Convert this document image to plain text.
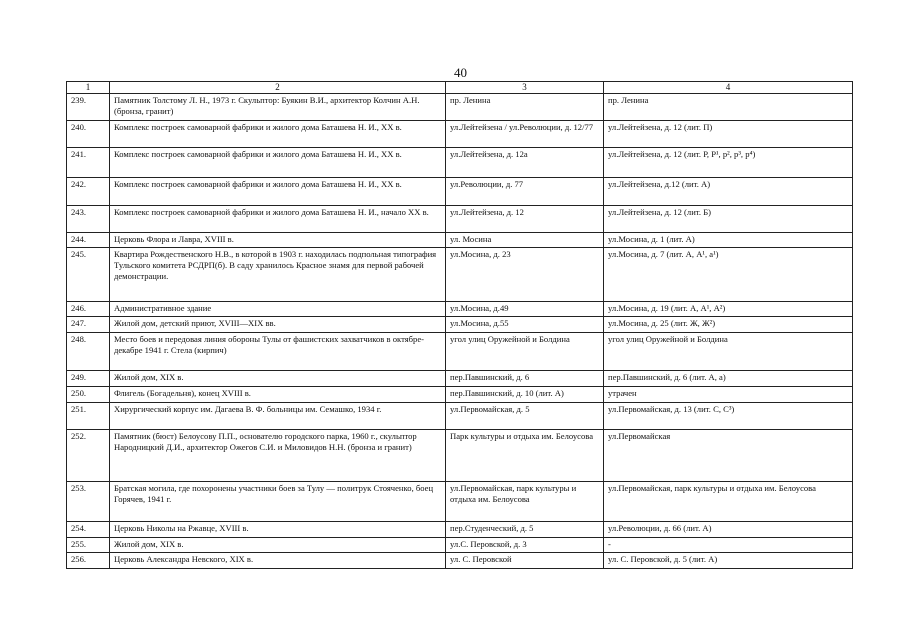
40
1	2	3	4
239.	Памятник Толстому Л. Н., 1973 г. Скульптор: Буякин В.И., архитектор Колчин А.Н. (бронза, гранит)	пр. Ленина	пр. Ленина
240.	Комплекс построек самоварной фабрики и жилого дома Баташева Н. И., ХХ в.	ул.Лейтейзена / ул.Революции, д. 12/77	ул.Лейтейзена, д. 12 (лит. П)
241.	Комплекс построек самоварной фабрики и жилого дома Баташева Н. И., ХХ в.	ул.Лейтейзена, д. 12а	ул.Лейтейзена, д. 12 (лит. Р, Р¹, р², р³, р⁴)
242.	Комплекс построек самоварной фабрики и жилого дома Баташева Н. И., ХХ в.	ул.Революции, д. 77	ул.Лейтейзена, д.12 (лит. А)
243.	Комплекс построек самоварной фабрики и жилого дома Баташева Н. И., начало ХХ в.	ул.Лейтейзена, д. 12	ул.Лейтейзена, д. 12 (лит. Б)
244.	Церковь Флора и Лавра, XVIII в.	ул. Мосина	ул.Мосина, д. 1 (лит. А)
245.	Квартира Рождественского Н.В., в которой в 1903 г. находилась подпольная типография Тульского комитета РСДРП(б). В саду хранилось Красное знамя для первой рабочей демонстрации.	ул.Мосина, д. 23	ул.Мосина, д. 7 (лит. А, А¹, а¹)
246.	Административное здание	ул.Мосина, д.49	ул.Мосина, д. 19 (лит. А, А¹, А²)
247.	Жилой дом, детский приют, XVIII—XIX вв.	ул.Мосина, д.55	ул.Мосина, д. 25 (лит. Ж, Ж²)
248.	Место боев и передовая линия обороны Тулы от фашистских захватчиков в октябре-декабре 1941 г. Стела (кирпич)	угол улиц Оружейной и Болдина	угол улиц Оружейной и Болдина
249.	Жилой дом, XIX в.	пер.Павшинский, д. 6	пер.Павшинский, д. 6 (лит. А, а)
250.	Флигель (Богадельня), конец XVIII в.	пер.Павшинский, д. 10 (лит. А)	утрачен
251.	Хирургический корпус им. Дагаева В. Ф. больницы им. Семашко, 1934 г.	ул.Первомайская, д. 5	ул.Первомайская, д. 13 (лит. С, С³)
252.	Памятник (бюст) Белоусову П.П., основателю городского парка, 1960 г., скульптор Народницкий Д.И., архитектор Ожегов С.И. и Миловидов Н.Н. (бронза и гранит)	Парк культуры и отдыха им. Белоусова	ул.Первомайская
253.	Братская могила, где похоронены участники боев за Тулу — политрук Стояченко, боец Горячев, 1941 г.	ул.Первомайская, парк культуры и отдыха им. Белоусова	ул.Первомайская, парк культуры и отдыха им. Белоусова
254.	Церковь Николы на Ржавце, XVIII в.	пер.Студенческий, д. 5	ул.Революции, д. 66 (лит. А)
255.	Жилой дом, XIX в.	ул.С. Перовской, д. 3	-
256.	Церковь Александра Невского, XIX в.	ул. С. Перовской	ул. С. Перовской, д. 5 (лит. А)
